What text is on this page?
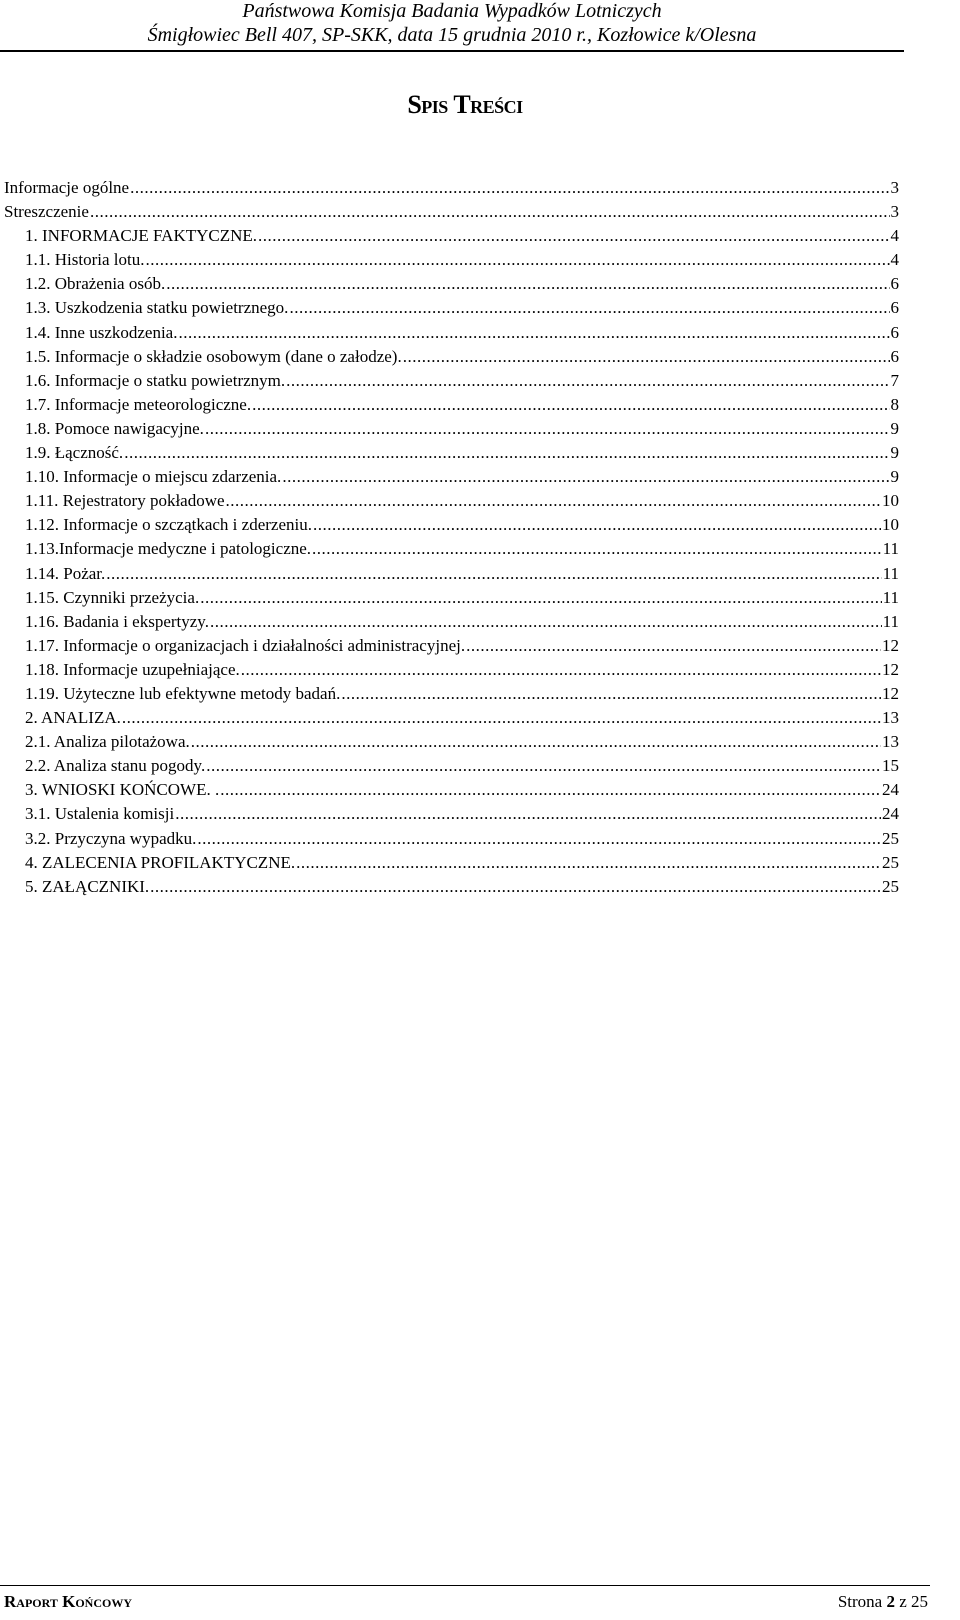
Państwowa Komisja Badania Wypadków Lotniczych
Śmigłowiec Bell 407, SP-SKK, data 15 grudnia 2010 r., Kozłowice k/Olesna
Spis Treści
Informacje ogólne .....	3
Streszczenie .....	3
1. INFORMACJE FAKTYCZNE. .....	4
1.1. Historia lotu. .....	4
1.2. Obrażenia osób. .....	6
1.3. Uszkodzenia statku powietrznego. .....	6
1.4. Inne uszkodzenia. .....	6
1.5. Informacje o składzie osobowym (dane o załodze). .....	6
1.6. Informacje o statku powietrznym. .....	7
1.7. Informacje meteorologiczne. .....	8
1.8. Pomoce nawigacyjne. .....	9
1.9. Łączność. .....	9
1.10. Informacje o miejscu zdarzenia. .....	9
1.11. Rejestratory pokładowe .....	10
1.12. Informacje o szczątkach i zderzeniu. .....	10
1.13.Informacje medyczne i patologiczne. .....	11
1.14. Pożar. .....	11
1.15. Czynniki przeżycia. .....	11
1.16. Badania i ekspertyzy. .....	11
1.17. Informacje o organizacjach i działalności administracyjnej. .....	12
1.18. Informacje uzupełniające. .....	12
1.19. Użyteczne lub efektywne metody badań. .....	12
2. ANALIZA. .....	13
2.1. Analiza pilotażowa. .....	13
2.2. Analiza stanu pogody. .....	15
3. WNIOSKI KOŃCOWE. . .....	24
3.1. Ustalenia komisji .....	24
3.2. Przyczyna wypadku. .....	25
4. ZALECENIA PROFILAKTYCZNE. .....	25
5. ZAŁĄCZNIKI. .....	25
Raport Końcowy	Strona 2 z 25
